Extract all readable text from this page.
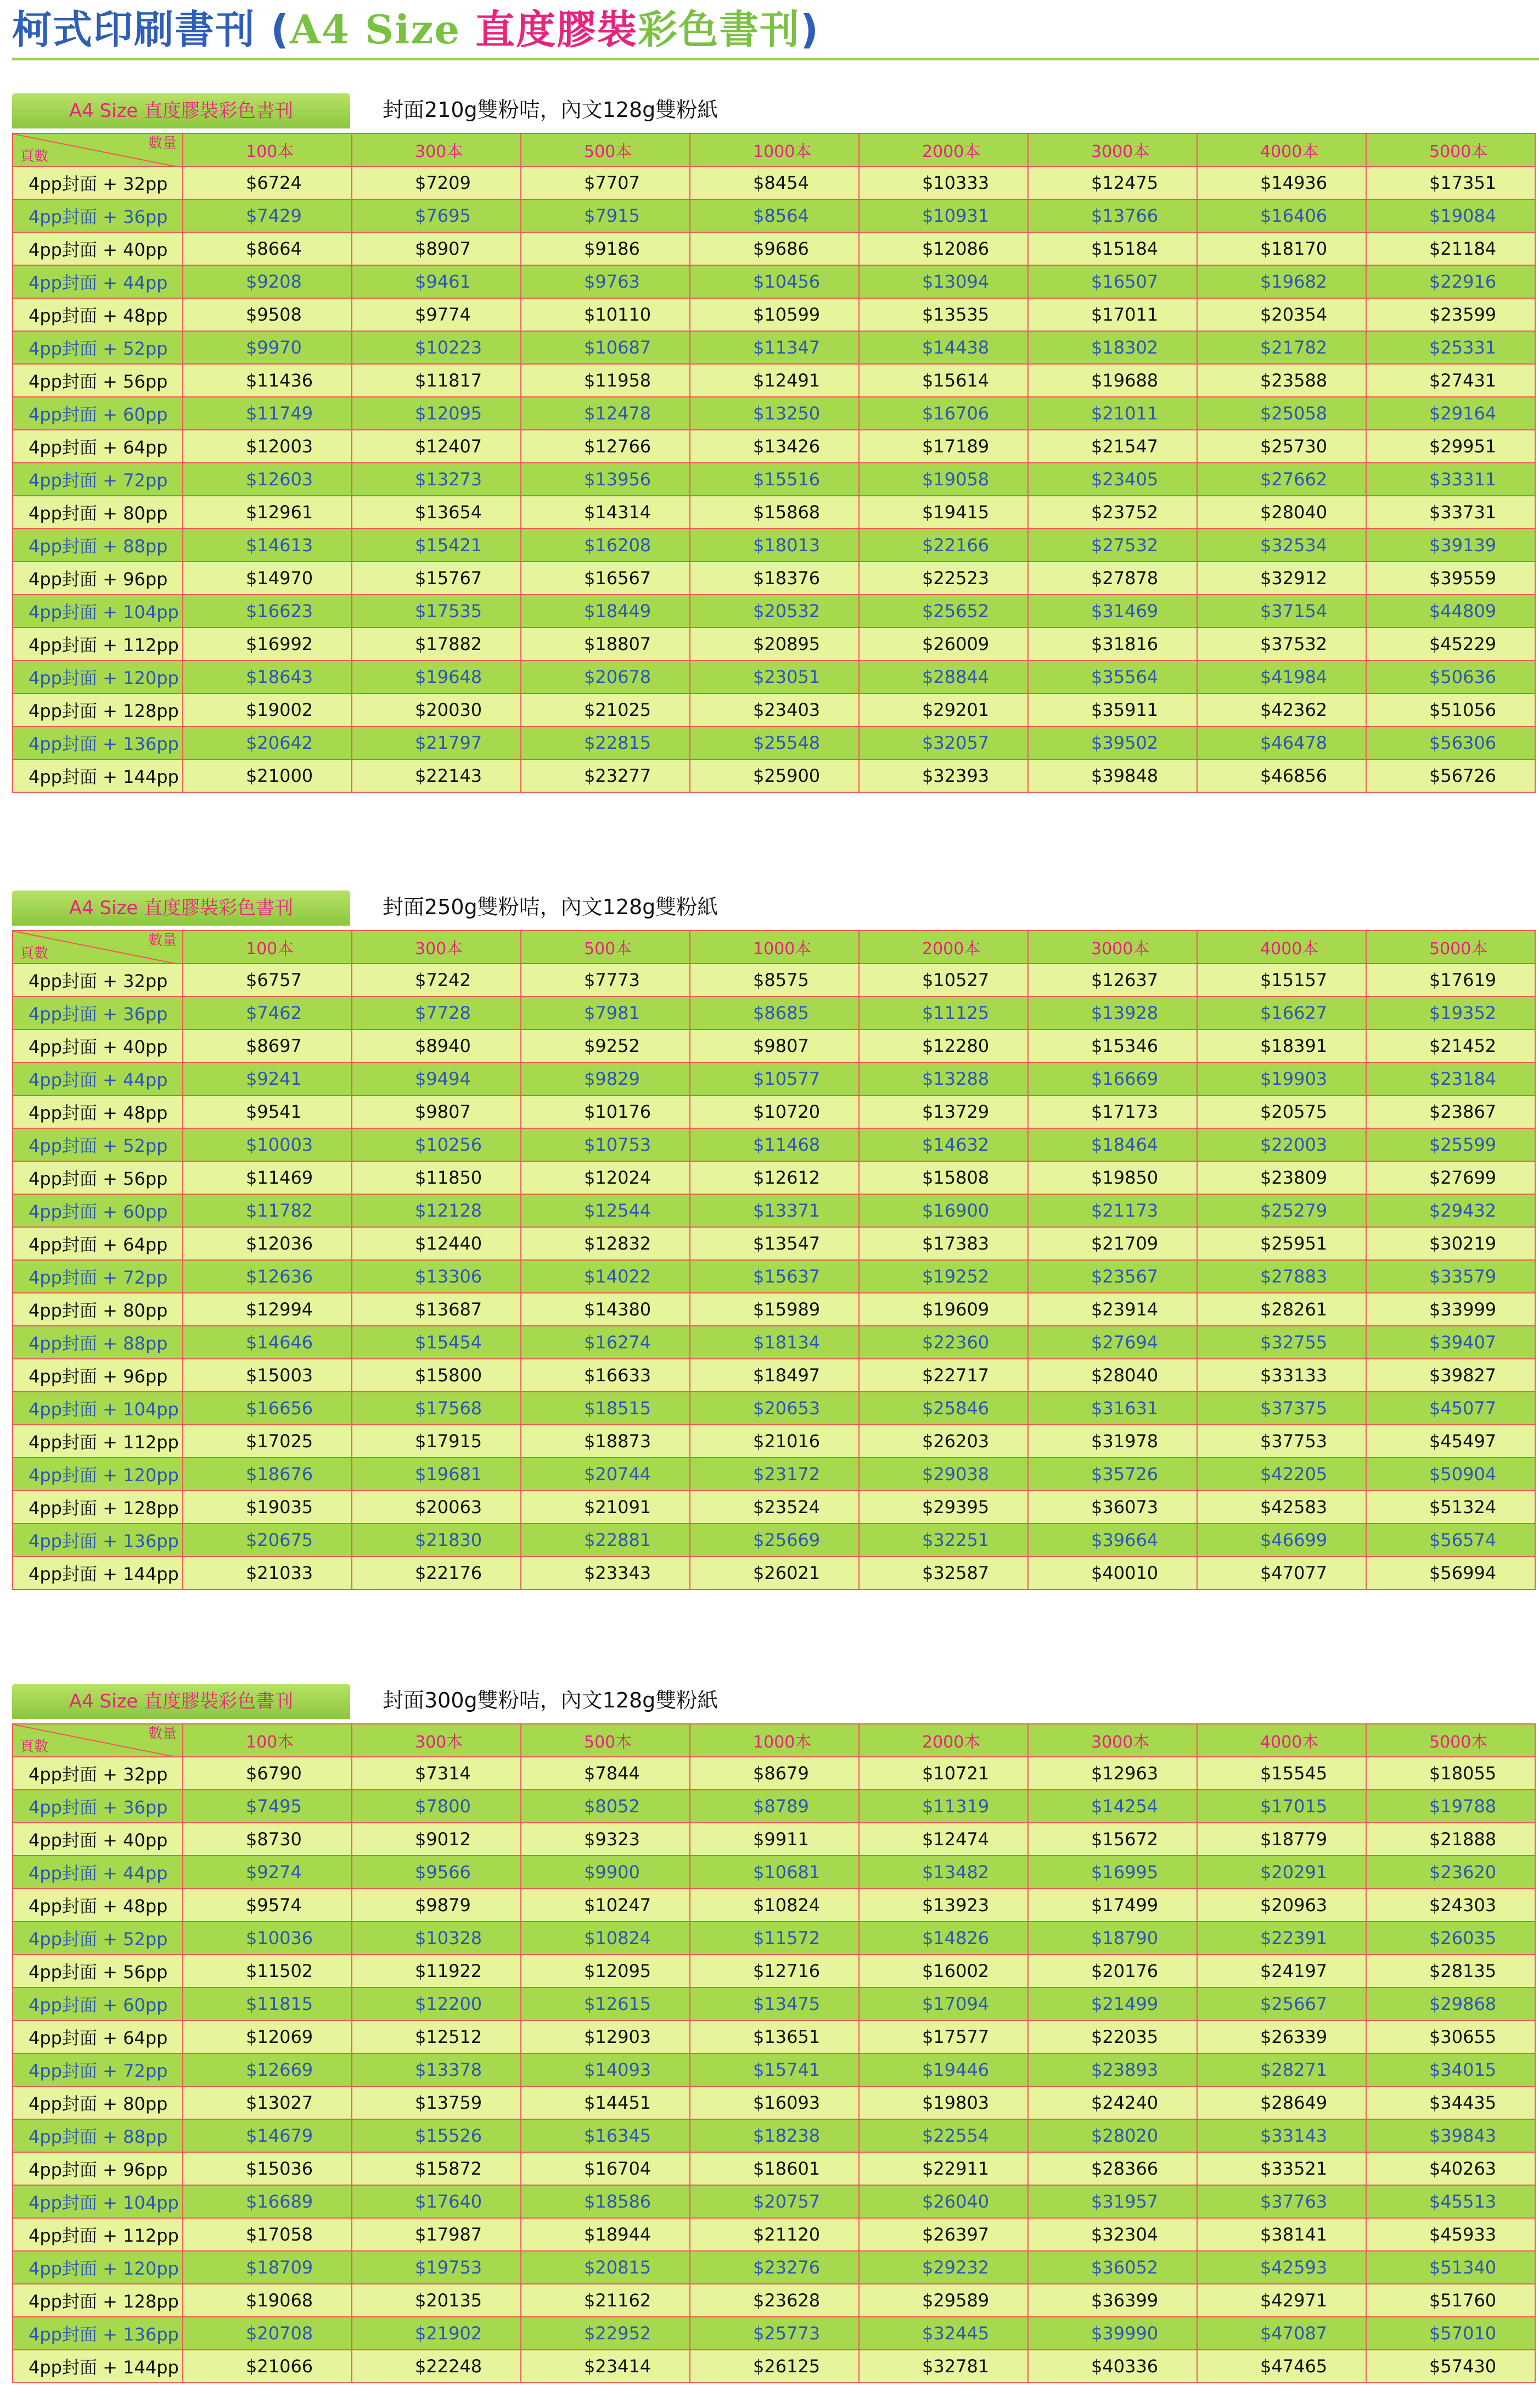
柯式印刷書刊 (A4 Size 直度膠裝彩色書刊)
A4 Size 直度膠裝彩色書刊	封面210g雙粉咭，內文128g雙粉紙
數量
頁數	100本	300本	500本	1000本	2000本	3000本	4000本	5000本
4pp封面 + 32pp	$6724	$7209	$7707	$8454	$10333	$12475	$14936	$17351
4pp封面 + 36pp	$7429	$7695	$7915	$8564	$10931	$13766	$16406	$19084
4pp封面 + 40pp	$8664	$8907	$9186	$9686	$12086	$15184	$18170	$21184
4pp封面 + 44pp	$9208	$9461	$9763	$10456	$13094	$16507	$19682	$22916
4pp封面 + 48pp	$9508	$9774	$10110	$10599	$13535	$17011	$20354	$23599
4pp封面 + 52pp	$9970	$10223	$10687	$11347	$14438	$18302	$21782	$25331
4pp封面 + 56pp	$11436	$11817	$11958	$12491	$15614	$19688	$23588	$27431
4pp封面 + 60pp	$11749	$12095	$12478	$13250	$16706	$21011	$25058	$29164
4pp封面 + 64pp	$12003	$12407	$12766	$13426	$17189	$21547	$25730	$29951
4pp封面 + 72pp	$12603	$13273	$13956	$15516	$19058	$23405	$27662	$33311
4pp封面 + 80pp	$12961	$13654	$14314	$15868	$19415	$23752	$28040	$33731
4pp封面 + 88pp	$14613	$15421	$16208	$18013	$22166	$27532	$32534	$39139
4pp封面 + 96pp	$14970	$15767	$16567	$18376	$22523	$27878	$32912	$39559
4pp封面 + 104pp	$16623	$17535	$18449	$20532	$25652	$31469	$37154	$44809
4pp封面 + 112pp	$16992	$17882	$18807	$20895	$26009	$31816	$37532	$45229
4pp封面 + 120pp	$18643	$19648	$20678	$23051	$28844	$35564	$41984	$50636
4pp封面 + 128pp	$19002	$20030	$21025	$23403	$29201	$35911	$42362	$51056
4pp封面 + 136pp	$20642	$21797	$22815	$25548	$32057	$39502	$46478	$56306
4pp封面 + 144pp	$21000	$22143	$23277	$25900	$32393	$39848	$46856	$56726
A4 Size 直度膠裝彩色書刊	封面250g雙粉咭，內文128g雙粉紙
數量
頁數	100本	300本	500本	1000本	2000本	3000本	4000本	5000本
4pp封面 + 32pp	$6757	$7242	$7773	$8575	$10527	$12637	$15157	$17619
4pp封面 + 36pp	$7462	$7728	$7981	$8685	$11125	$13928	$16627	$19352
4pp封面 + 40pp	$8697	$8940	$9252	$9807	$12280	$15346	$18391	$21452
4pp封面 + 44pp	$9241	$9494	$9829	$10577	$13288	$16669	$19903	$23184
4pp封面 + 48pp	$9541	$9807	$10176	$10720	$13729	$17173	$20575	$23867
4pp封面 + 52pp	$10003	$10256	$10753	$11468	$14632	$18464	$22003	$25599
4pp封面 + 56pp	$11469	$11850	$12024	$12612	$15808	$19850	$23809	$27699
4pp封面 + 60pp	$11782	$12128	$12544	$13371	$16900	$21173	$25279	$29432
4pp封面 + 64pp	$12036	$12440	$12832	$13547	$17383	$21709	$25951	$30219
4pp封面 + 72pp	$12636	$13306	$14022	$15637	$19252	$23567	$27883	$33579
4pp封面 + 80pp	$12994	$13687	$14380	$15989	$19609	$23914	$28261	$33999
4pp封面 + 88pp	$14646	$15454	$16274	$18134	$22360	$27694	$32755	$39407
4pp封面 + 96pp	$15003	$15800	$16633	$18497	$22717	$28040	$33133	$39827
4pp封面 + 104pp	$16656	$17568	$18515	$20653	$25846	$31631	$37375	$45077
4pp封面 + 112pp	$17025	$17915	$18873	$21016	$26203	$31978	$37753	$45497
4pp封面 + 120pp	$18676	$19681	$20744	$23172	$29038	$35726	$42205	$50904
4pp封面 + 128pp	$19035	$20063	$21091	$23524	$29395	$36073	$42583	$51324
4pp封面 + 136pp	$20675	$21830	$22881	$25669	$32251	$39664	$46699	$56574
4pp封面 + 144pp	$21033	$22176	$23343	$26021	$32587	$40010	$47077	$56994
A4 Size 直度膠裝彩色書刊	封面300g雙粉咭，內文128g雙粉紙
數量
頁數	100本	300本	500本	1000本	2000本	3000本	4000本	5000本
4pp封面 + 32pp	$6790	$7314	$7844	$8679	$10721	$12963	$15545	$18055
4pp封面 + 36pp	$7495	$7800	$8052	$8789	$11319	$14254	$17015	$19788
4pp封面 + 40pp	$8730	$9012	$9323	$9911	$12474	$15672	$18779	$21888
4pp封面 + 44pp	$9274	$9566	$9900	$10681	$13482	$16995	$20291	$23620
4pp封面 + 48pp	$9574	$9879	$10247	$10824	$13923	$17499	$20963	$24303
4pp封面 + 52pp	$10036	$10328	$10824	$11572	$14826	$18790	$22391	$26035
4pp封面 + 56pp	$11502	$11922	$12095	$12716	$16002	$20176	$24197	$28135
4pp封面 + 60pp	$11815	$12200	$12615	$13475	$17094	$21499	$25667	$29868
4pp封面 + 64pp	$12069	$12512	$12903	$13651	$17577	$22035	$26339	$30655
4pp封面 + 72pp	$12669	$13378	$14093	$15741	$19446	$23893	$28271	$34015
4pp封面 + 80pp	$13027	$13759	$14451	$16093	$19803	$24240	$28649	$34435
4pp封面 + 88pp	$14679	$15526	$16345	$18238	$22554	$28020	$33143	$39843
4pp封面 + 96pp	$15036	$15872	$16704	$18601	$22911	$28366	$33521	$40263
4pp封面 + 104pp	$16689	$17640	$18586	$20757	$26040	$31957	$37763	$45513
4pp封面 + 112pp	$17058	$17987	$18944	$21120	$26397	$32304	$38141	$45933
4pp封面 + 120pp	$18709	$19753	$20815	$23276	$29232	$36052	$42593	$51340
4pp封面 + 128pp	$19068	$20135	$21162	$23628	$29589	$36399	$42971	$51760
4pp封面 + 136pp	$20708	$21902	$22952	$25773	$32445	$39990	$47087	$57010
4pp封面 + 144pp	$21066	$22248	$23414	$26125	$32781	$40336	$47465	$57430
